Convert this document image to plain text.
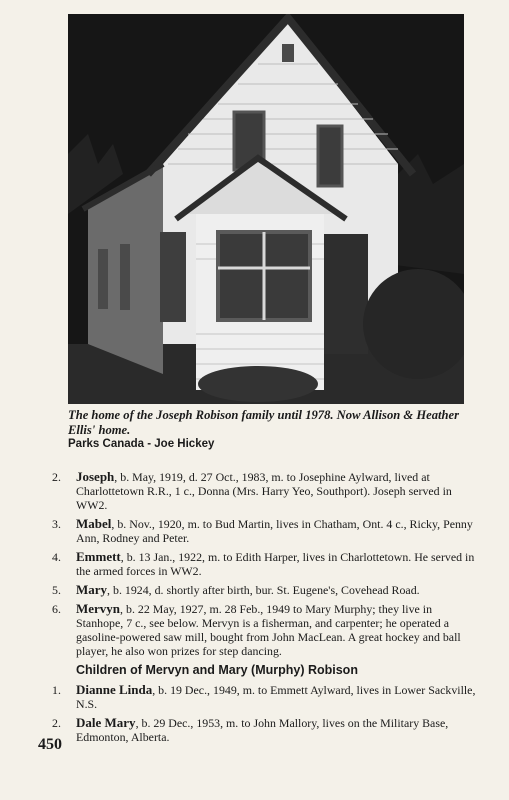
The home of the Joseph Robison family until 1978. Now Allison & Heather Ellis' home.
Parks Canada - Joe Hickey
2.	Joseph, b. May, 1919, d. 27 Oct., 1983, m. to Josephine Aylward, lived at Charlottetown R.R., 1 c., Donna (Mrs. Harry Yeo, Southport). Joseph served in WW2.
3.	Mabel, b. Nov., 1920, m. to Bud Martin, lives in Chatham, Ont. 4 c., Ricky, Penny Ann, Rodney and Peter.
4.	Emmett, b. 13 Jan., 1922, m. to Edith Harper, lives in Charlottetown. He served in the armed forces in WW2.
5.	Mary, b. 1924, d. shortly after birth, bur. St. Eugene's, Covehead Road.
6.	Mervyn, b. 22 May, 1927, m. 28 Feb., 1949 to Mary Murphy; they live in Stanhope, 7 c., see below. Mervyn is a fisherman, and carpenter; he operated a gasoline-powered saw mill, bought from John MacLean. A great hockey and ball player, he also won prizes for step dancing.
Children of Mervyn and Mary (Murphy) Robison
1.	Dianne Linda, b. 19 Dec., 1949, m. to Emmett Aylward, lives in Lower Sackville, N.S.
2.	Dale Mary, b. 29 Dec., 1953, m. to John Mallory, lives on the Military Base, Edmonton, Alberta.
450
